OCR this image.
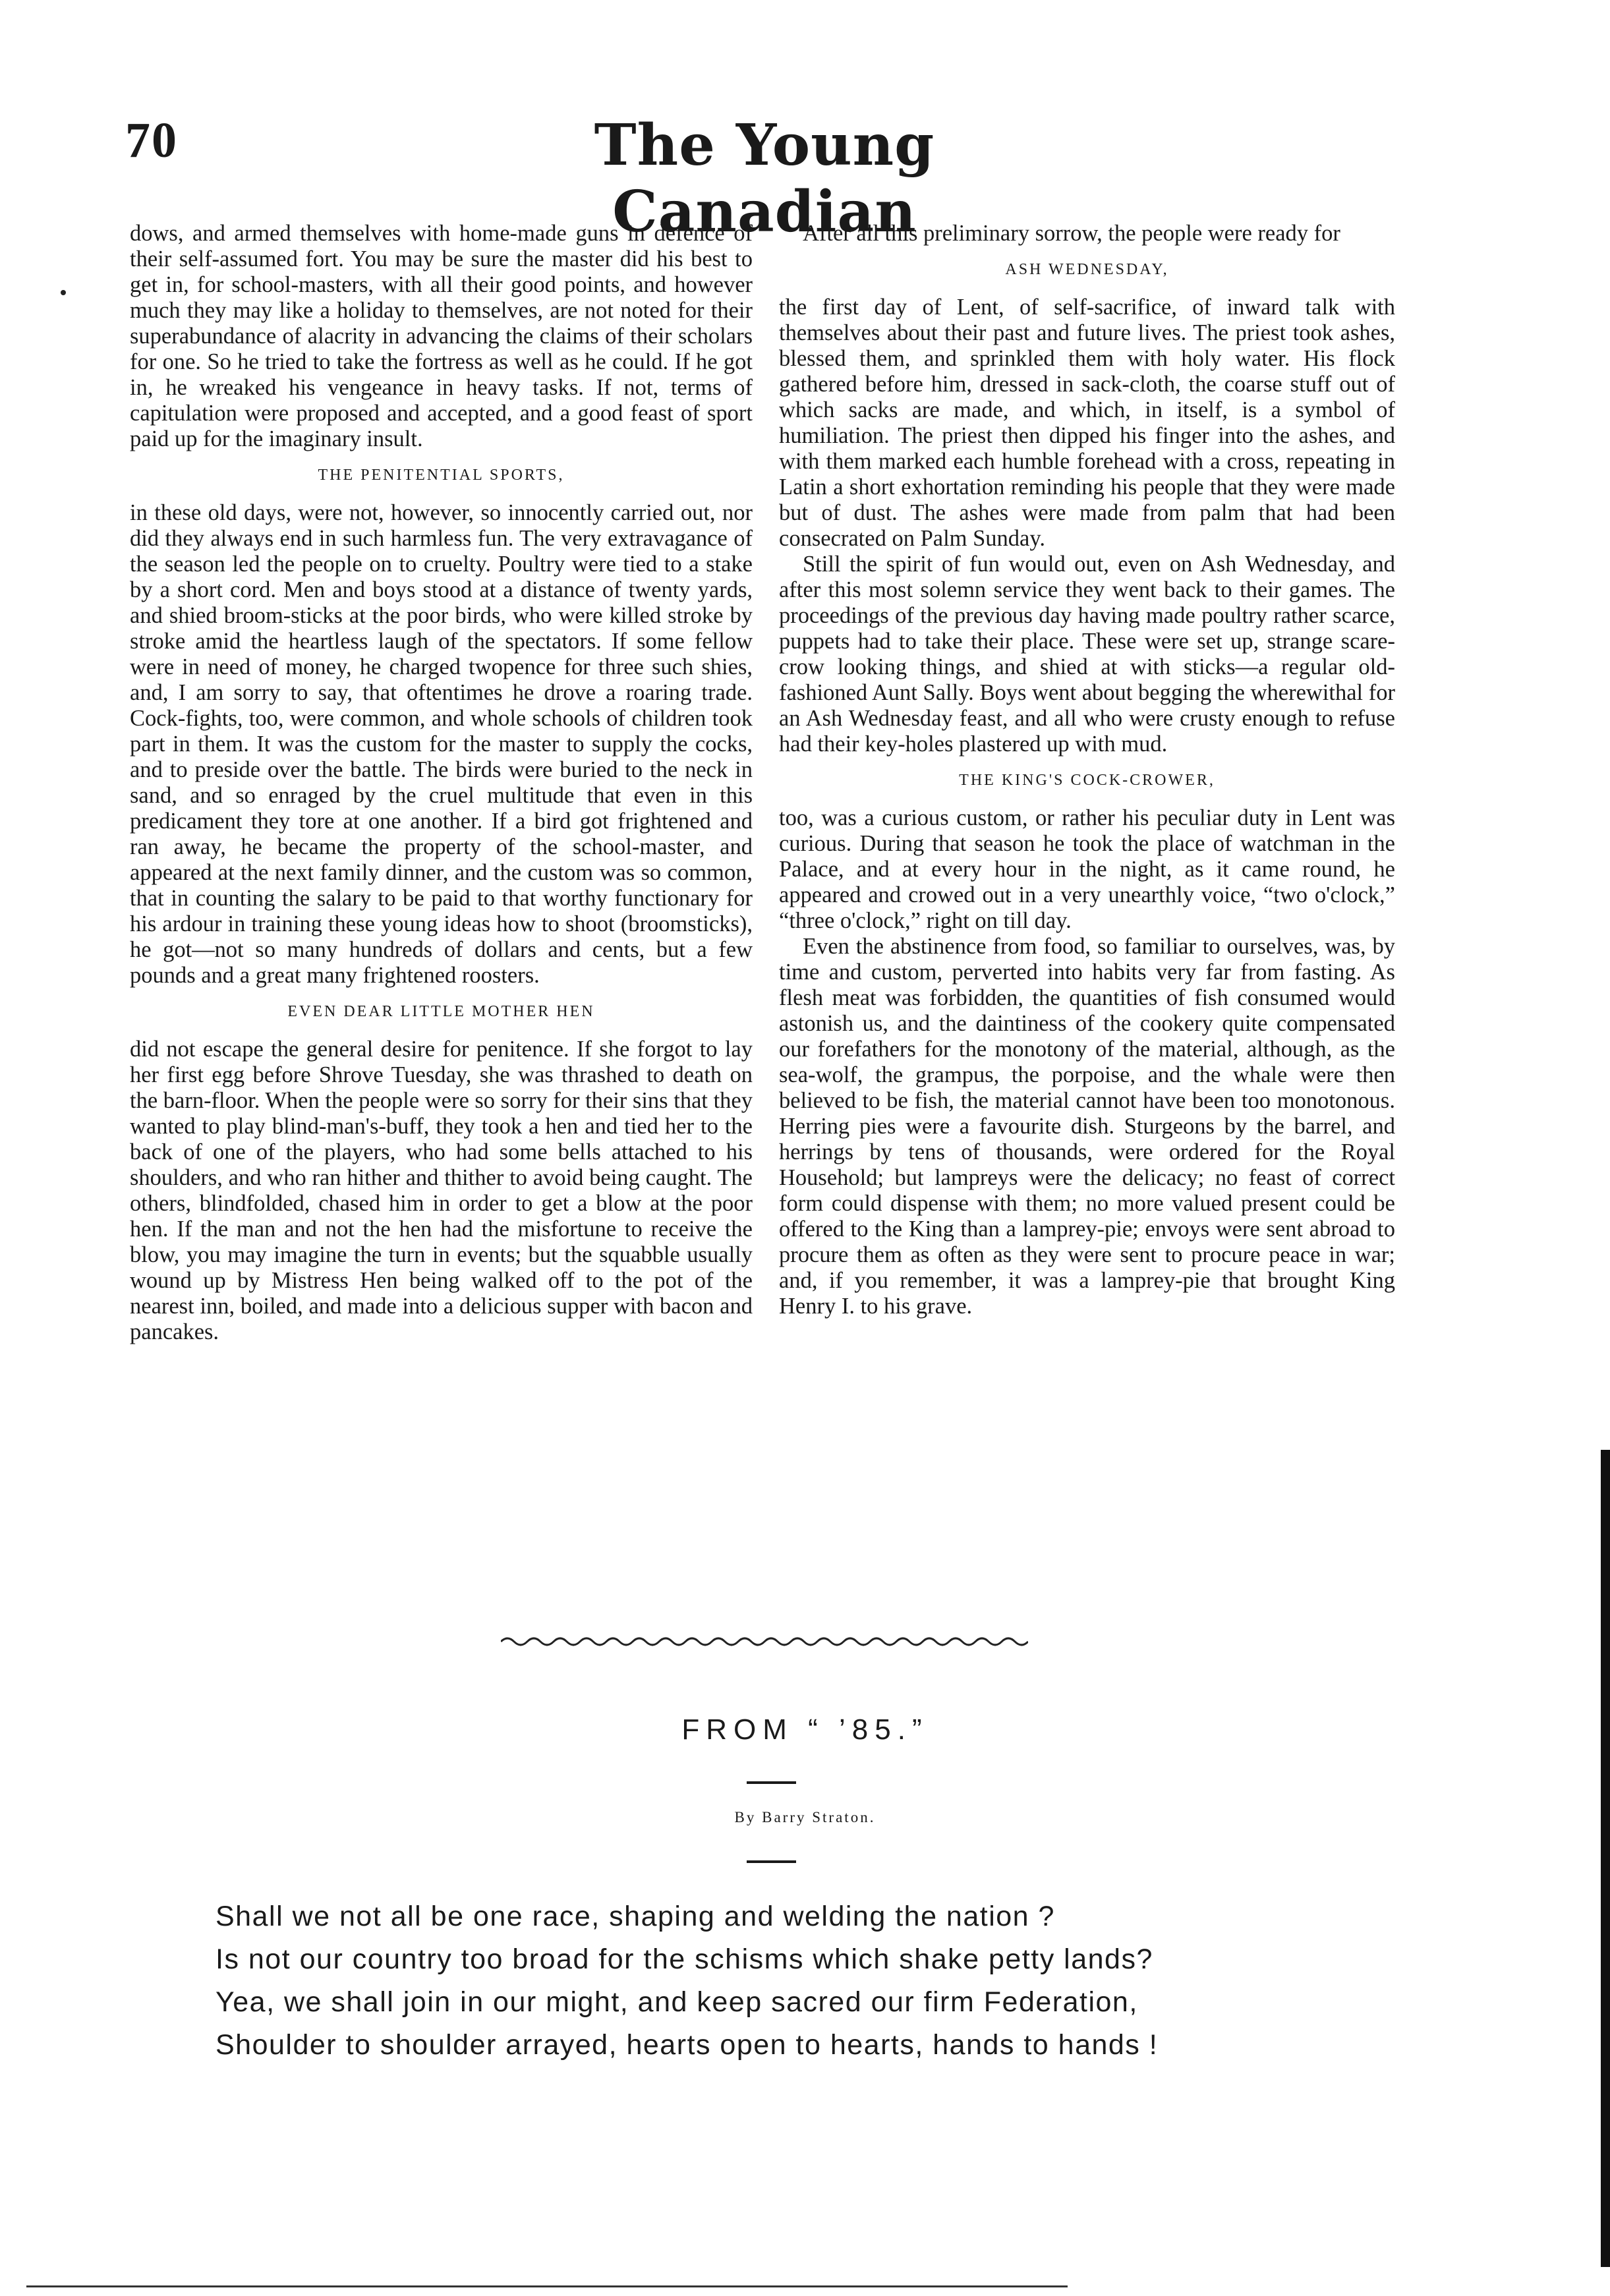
70	The Young Canadian

dows, and armed themselves with home-made guns in defence of their self-assumed fort. You may be sure the master did his best to get in, for school-masters, with all their good points, and however much they may like a holiday to themselves, are not noted for their superabundance of alacrity in advancing the claims of their scholars for one. So he tried to take the fortress as well as he could. If he got in, he wreaked his vengeance in heavy tasks. If not, terms of capitulation were proposed and accepted, and a good feast of sport paid up for the imaginary insult.

THE PENITENTIAL SPORTS,

in these old days, were not, however, so innocently carried out, nor did they always end in such harmless fun. The very extravagance of the season led the people on to cruelty. Poultry were tied to a stake by a short cord. Men and boys stood at a distance of twenty yards, and shied broom-sticks at the poor birds, who were killed stroke by stroke amid the heartless laugh of the spectators. If some fellow were in need of money, he charged twopence for three such shies, and, I am sorry to say, that oftentimes he drove a roaring trade. Cock-fights, too, were common, and whole schools of children took part in them. It was the custom for the master to supply the cocks, and to preside over the battle. The birds were buried to the neck in sand, and so enraged by the cruel multitude that even in this predicament they tore at one another. If a bird got frightened and ran away, he became the property of the school-master, and appeared at the next family dinner, and the custom was so common, that in counting the salary to be paid to that worthy functionary for his ardour in training these young ideas how to shoot (broomsticks), he got—not so many hundreds of dollars and cents, but a few pounds and a great many frightened roosters.

EVEN DEAR LITTLE MOTHER HEN

did not escape the general desire for penitence. If she forgot to lay her first egg before Shrove Tuesday, she was thrashed to death on the barn-floor. When the people were so sorry for their sins that they wanted to play blind-man's-buff, they took a hen and tied her to the back of one of the players, who had some bells attached to his shoulders, and who ran hither and thither to avoid being caught. The others, blindfolded, chased him in order to get a blow at the poor hen. If the man and not the hen had the misfortune to receive the blow, you may imagine the turn in events; but the squabble usually wound up by Mistress Hen being walked off to the pot of the nearest inn, boiled, and made into a delicious supper with bacon and pancakes.

After all this preliminary sorrow, the people were ready for

ASH WEDNESDAY,

the first day of Lent, of self-sacrifice, of inward talk with themselves about their past and future lives. The priest took ashes, blessed them, and sprinkled them with holy water. His flock gathered before him, dressed in sack-cloth, the coarse stuff out of which sacks are made, and which, in itself, is a symbol of humiliation. The priest then dipped his finger into the ashes, and with them marked each humble forehead with a cross, repeating in Latin a short exhortation reminding his people that they were made but of dust. The ashes were made from palm that had been consecrated on Palm Sunday.

Still the spirit of fun would out, even on Ash Wednesday, and after this most solemn service they went back to their games. The proceedings of the previous day having made poultry rather scarce, puppets had to take their place. These were set up, strange scare-crow looking things, and shied at with sticks—a regular old-fashioned Aunt Sally. Boys went about begging the wherewithal for an Ash Wednesday feast, and all who were crusty enough to refuse had their key-holes plastered up with mud.

THE KING'S COCK-CROWER,

too, was a curious custom, or rather his peculiar duty in Lent was curious. During that season he took the place of watchman in the Palace, and at every hour in the night, as it came round, he appeared and crowed out in a very unearthly voice, “two o'clock,” “three o'clock,” right on till day.

Even the abstinence from food, so familiar to ourselves, was, by time and custom, perverted into habits very far from fasting. As flesh meat was forbidden, the quantities of fish consumed would astonish us, and the daintiness of the cookery quite compensated our forefathers for the monotony of the material, although, as the sea-wolf, the grampus, the porpoise, and the whale were then believed to be fish, the material cannot have been too monotonous. Herring pies were a favourite dish. Sturgeons by the barrel, and herrings by tens of thousands, were ordered for the Royal Household; but lampreys were the delicacy; no feast of correct form could dispense with them; no more valued present could be offered to the King than a lamprey-pie; envoys were sent abroad to procure them as often as they were sent to procure peace in war; and, if you remember, it was a lamprey-pie that brought King Henry I. to his grave.

FROM “ ’85.”
By Barry Straton.
Shall we not all be one race, shaping and welding the nation ?
Is not our country too broad for the schisms which shake petty lands?
Yea, we shall join in our might, and keep sacred our firm Federation,
Shoulder to shoulder arrayed, hearts open to hearts, hands to hands !
